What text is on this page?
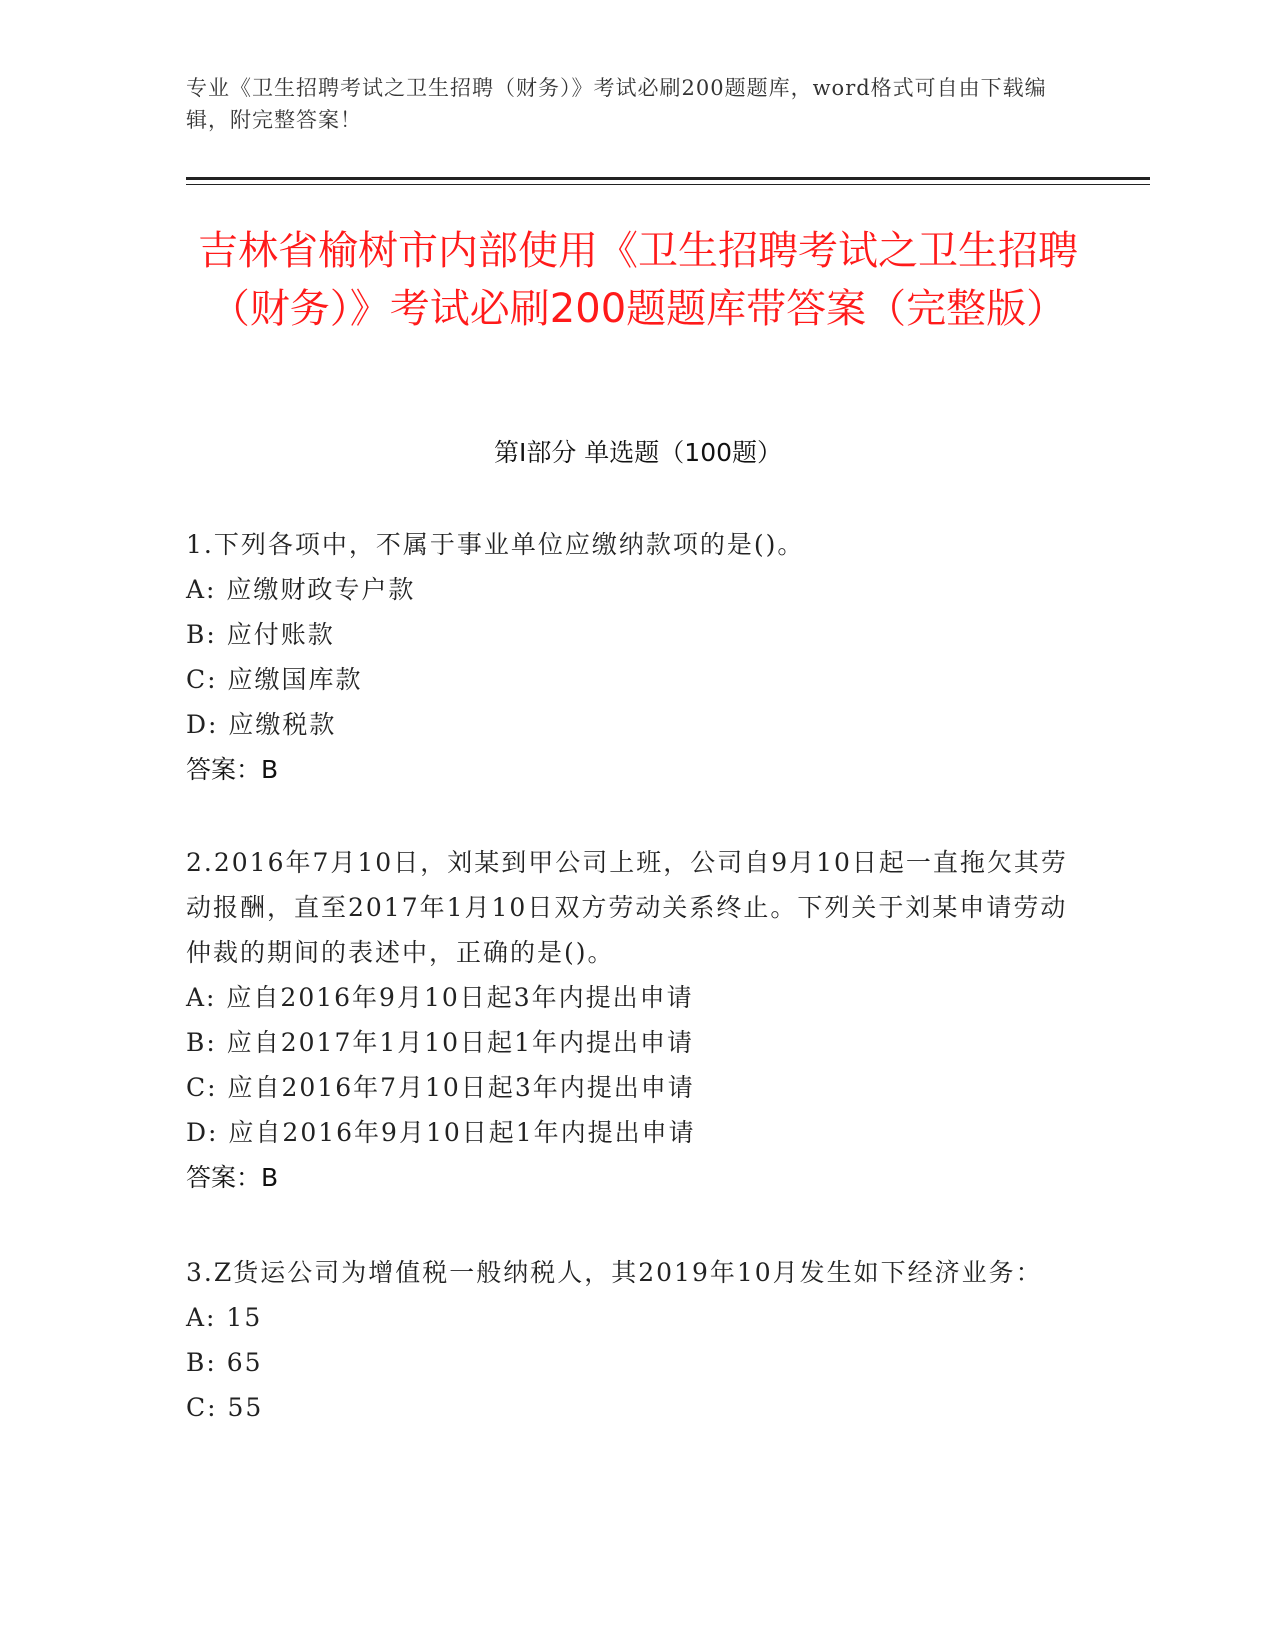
专业《卫生招聘考试之卫生招聘（财务）》考试必刷200题题库，word格式可自由下载编辑，附完整答案！
吉林省榆树市内部使用《卫生招聘考试之卫生招聘（财务）》考试必刷200题题库带答案（完整版）
第I部分 单选题（100题）
1.下列各项中，不属于事业单位应缴纳款项的是()。
A: 应缴财政专户款
B: 应付账款
C: 应缴国库款
D: 应缴税款
答案：B
2.2016年7月10日，刘某到甲公司上班，公司自9月10日起一直拖欠其劳动报酬，直至2017年1月10日双方劳动关系终止。下列关于刘某申请劳动仲裁的期间的表述中，正确的是()。
A: 应自2016年9月10日起3年内提出申请
B: 应自2017年1月10日起1年内提出申请
C: 应自2016年7月10日起3年内提出申请
D: 应自2016年9月10日起1年内提出申请
答案：B
3.Z货运公司为增值税一般纳税人，其2019年10月发生如下经济业务：
A: 15
B: 65
C: 55
